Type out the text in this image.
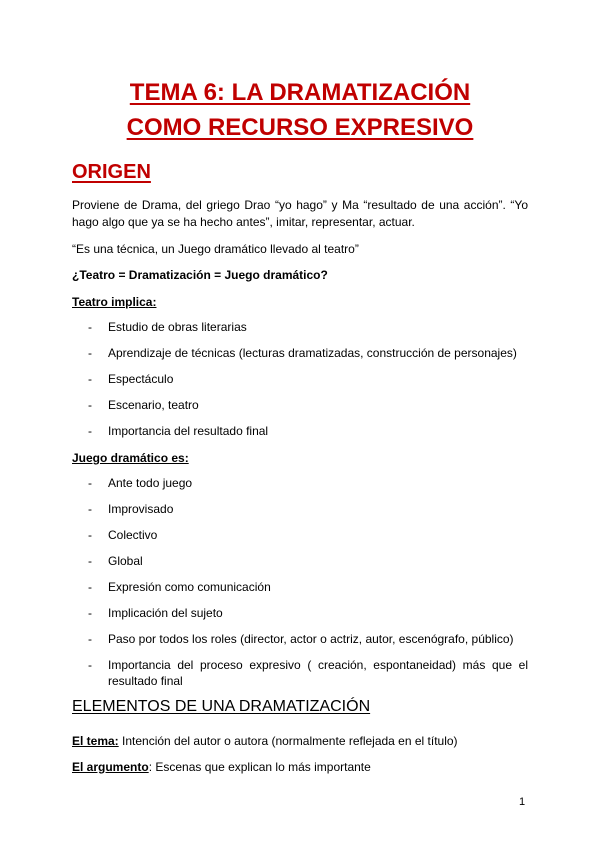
TEMA 6: LA DRAMATIZACIÓN
COMO RECURSO EXPRESIVO
ORIGEN
Proviene de Drama, del griego Drao “yo hago” y Ma “resultado de una acción”. “Yo hago algo que ya se ha hecho antes”, imitar, representar, actuar.
“Es una técnica, un Juego dramático llevado al teatro”
¿Teatro = Dramatización = Juego dramático?
Teatro implica:
- Estudio de obras literarias
- Aprendizaje de técnicas (lecturas dramatizadas, construcción de personajes)
- Espectáculo
- Escenario, teatro
- Importancia del resultado final
Juego dramático es:
- Ante todo juego
- Improvisado
- Colectivo
- Global
- Expresión como comunicación
- Implicación del sujeto
- Paso por todos los roles (director, actor o actriz, autor, escenógrafo, público)
- Importancia del proceso expresivo ( creación, espontaneidad) más que el resultado final
ELEMENTOS DE UNA DRAMATIZACIÓN
El tema: Intención del autor o autora (normalmente reflejada en el título)
El argumento: Escenas que explican lo más importante
1
